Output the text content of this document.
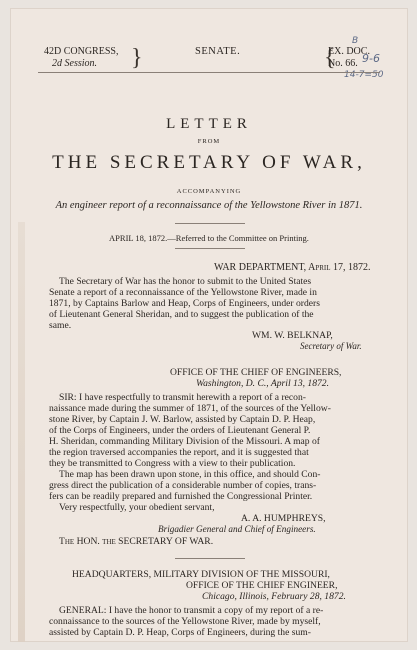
42D CONGRESS,
2d Session.	}	SENATE.	{
EX. DOC.
No. 66.
B
9-6
14-7=50
LETTER
FROM
THE SECRETARY OF WAR,
ACCOMPANYING
An engineer report of a reconnaissance of the Yellowstone River in 1871.
APRIL 18, 1872.—Referred to the Committee on Printing.
WAR DEPARTMENT, April 17, 1872.
The Secretary of War has the honor to submit to the United States
Senate a report of a reconnaissance of the Yellowstone River, made in
1871, by Captains Barlow and Heap, Corps of Engineers, under orders
of Lieutenant General Sheridan, and to suggest the publication of the
same.
WM. W. BELKNAP,
Secretary of War.
OFFICE OF THE CHIEF OF ENGINEERS,
Washington, D. C., April 13, 1872.
SIR: I have respectfully to transmit herewith a report of a recon-
naissance made during the summer of 1871, of the sources of the Yellow-
stone River, by Captain J. W. Barlow, assisted by Captain D. P. Heap,
of the Corps of Engineers, under the orders of Lieutenant General P.
H. Sheridan, commanding Military Division of the Missouri. A map of
the region traversed accompanies the report, and it is suggested that
they be transmitted to Congress with a view to their publication.
The map has been drawn upon stone, in this office, and should Con-
gress direct the publication of a considerable number of copies, trans-
fers can be readily prepared and furnished the Congressional Printer.
Very respectfully, your obedient servant,
A. A. HUMPHREYS,
Brigadier General and Chief of Engineers.
The HON. the SECRETARY OF WAR.
HEADQUARTERS, MILITARY DIVISION OF THE MISSOURI,
OFFICE OF THE CHIEF ENGINEER,
Chicago, Illinois, February 28, 1872.
GENERAL: I have the honor to transmit a copy of my report of a re-
connaissance to the sources of the Yellowstone River, made by myself,
assisted by Captain D. P. Heap, Corps of Engineers, during the sum-
